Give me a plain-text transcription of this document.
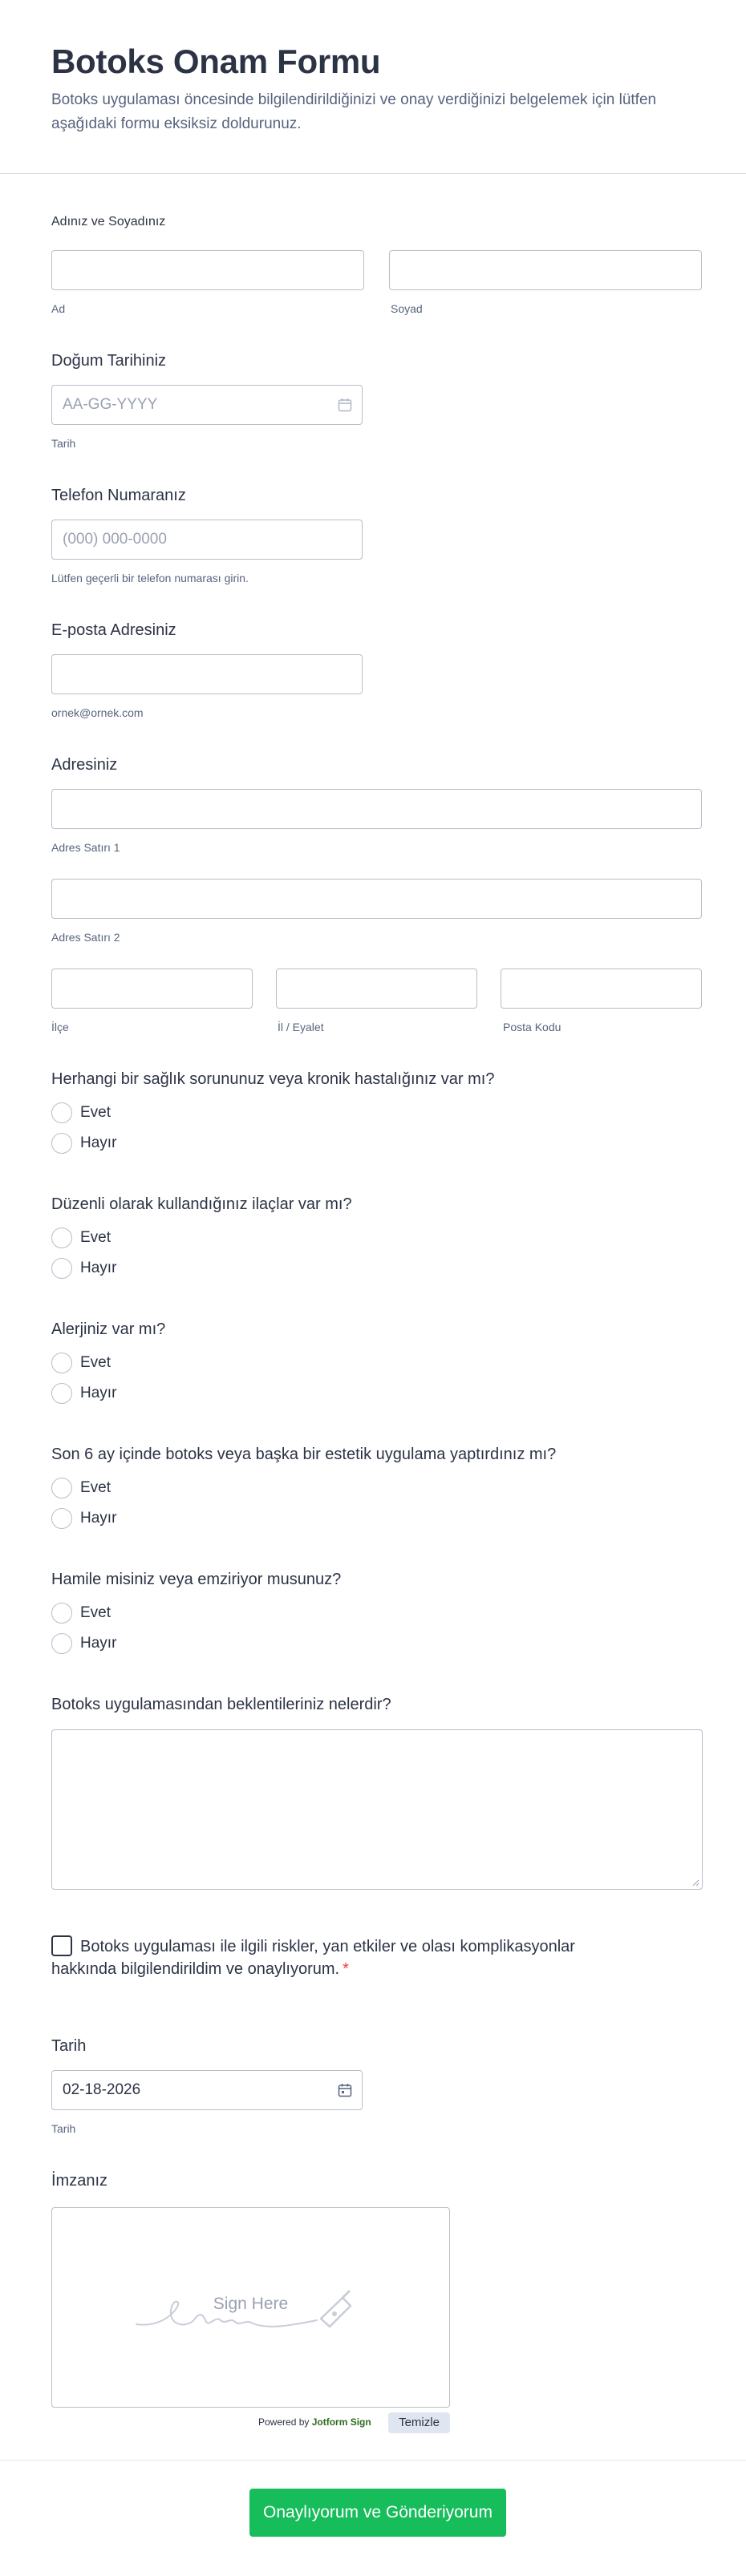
Botoks Onam Formu
Botoks uygulaması öncesinde bilgilendirildiğinizi ve onay verdiğinizi belgelemek için lütfen aşağıdaki formu eksiksiz doldurunuz.
Adınız ve Soyadınız
Ad	Soyad
Doğum Tarihiniz
AA-GG-YYYY
Tarih
Telefon Numaranız
(000) 000-0000
Lütfen geçerli bir telefon numarası girin.
E-posta Adresiniz
ornek@ornek.com
Adresiniz
Adres Satırı 1
Adres Satırı 2
İlçe	İl / Eyalet	Posta Kodu
Herhangi bir sağlık sorununuz veya kronik hastalığınız var mı?
Evet
Hayır
Düzenli olarak kullandığınız ilaçlar var mı?
Evet
Hayır
Alerjiniz var mı?
Evet
Hayır
Son 6 ay içinde botoks veya başka bir estetik uygulama yaptırdınız mı?
Evet
Hayır
Hamile misiniz veya emziriyor musunuz?
Evet
Hayır
Botoks uygulamasından beklentileriniz nelerdir?
Botoks uygulaması ile ilgili riskler, yan etkiler ve olası komplikasyonlar hakkında bilgilendirildim ve onaylıyorum. *
Tarih
02-18-2026
Tarih
İmzanız
Sign Here
Powered by Jotform Sign	Temizle
Onaylıyorum ve Gönderiyorum
